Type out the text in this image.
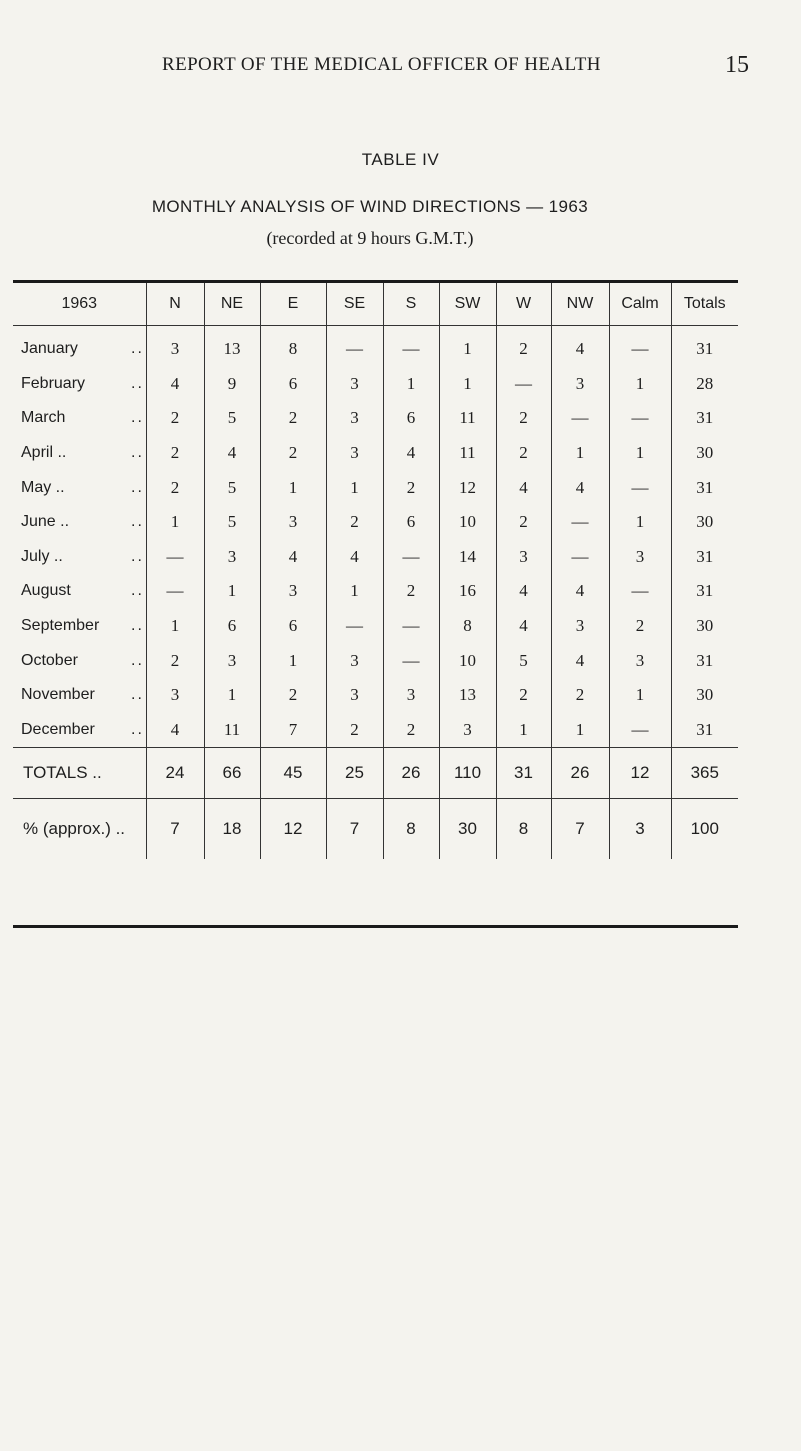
REPORT OF THE MEDICAL OFFICER OF HEALTH	15
TABLE IV
MONTHLY ANALYSIS OF WIND DIRECTIONS — 1963
(recorded at 9 hours G.M.T.)
1963	N	NE	E	SE	S	SW	W	NW	Calm	Totals
January ..	3	13	8	—	—	1	2	4	—	31
February ..	4	9	6	3	1	1	—	3	1	28
March ..	2	5	2	3	6	11	2	—	—	31
April .. ..	2	4	2	3	4	11	2	1	1	30
May .. ..	2	5	1	1	2	12	4	4	—	31
June .. ..	1	5	3	2	6	10	2	—	1	30
July .. ..	—	3	4	4	—	14	3	—	3	31
August ..	—	1	3	1	2	16	4	4	—	31
September ..	1	6	6	—	—	8	4	3	2	30
October ..	2	3	1	3	—	10	5	4	3	31
November ..	3	1	2	3	3	13	2	2	1	30
December ..	4	11	7	2	2	3	1	1	—	31
TOTALS ..	24	66	45	25	26	110	31	26	12	365
% (approx.) ..	7	18	12	7	8	30	8	7	3	100
